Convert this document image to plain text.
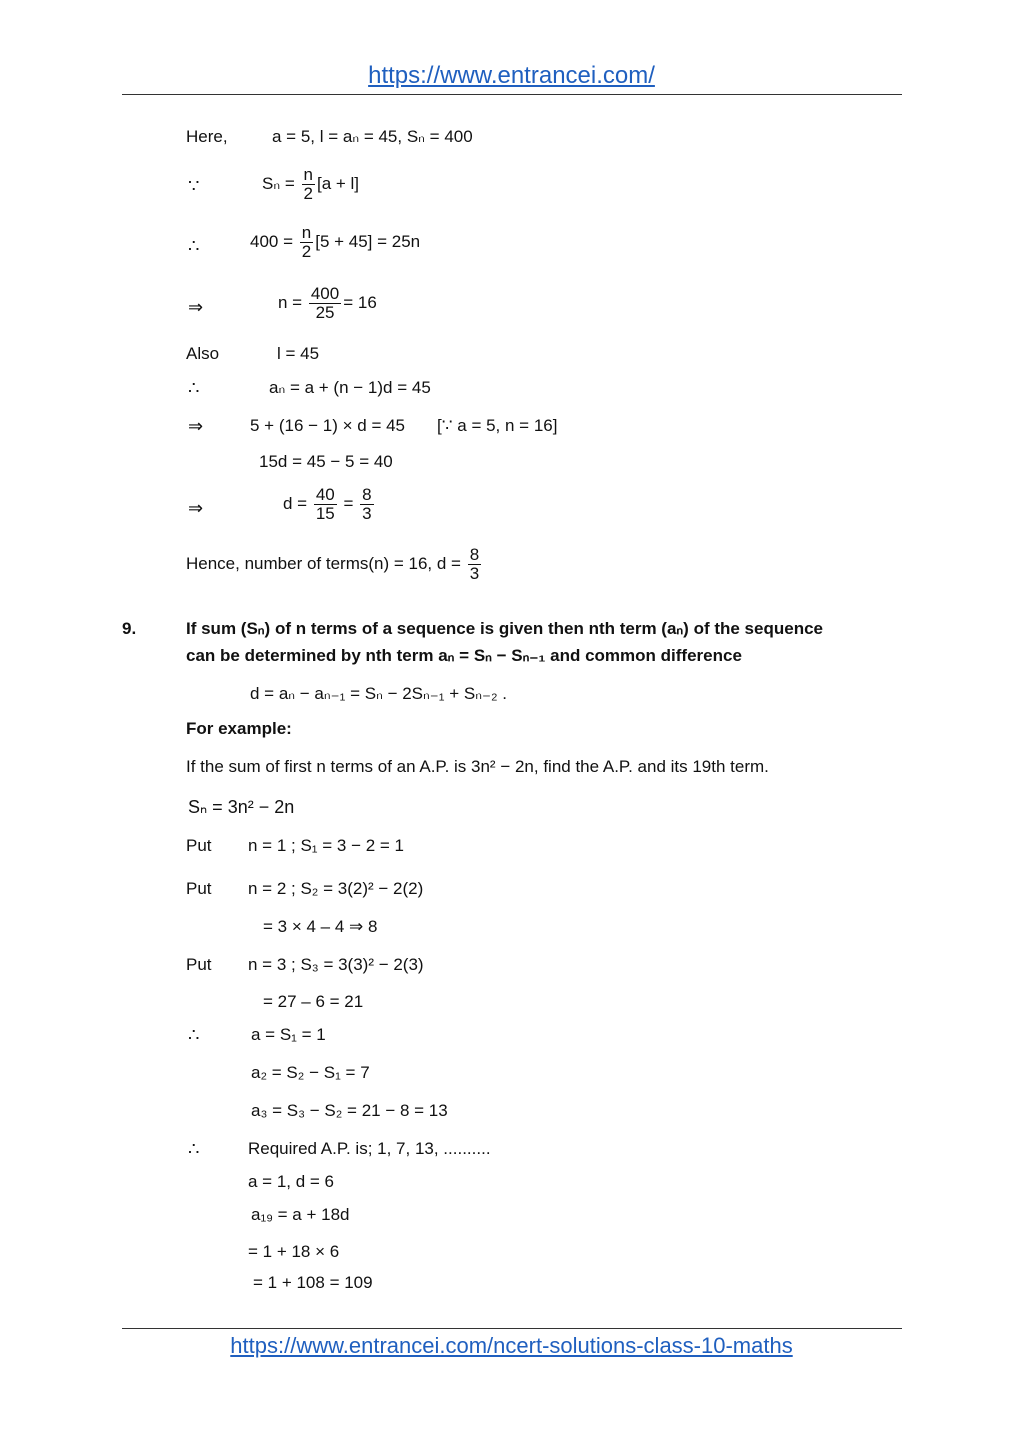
https://www.entrancei.com/
Here,	a = 5, l = aₙ = 45, Sₙ = 400
∵	$S_n = \frac{n}{2} [a + l]$
∴	$400 = \frac{n}{2} [5 + 45] = 25n$
⇒	$n = \frac{400}{25} = 16$
Also	l = 45
∴	aₙ = a + (n − 1)d = 45
⇒	5 + (16 − 1) × d = 45 [∵ a = 5, n = 16]
15d = 45 − 5 = 40
⇒	$d = \frac{40}{15} = \frac{8}{3}$
Hence, number of terms(n) = 16, $d = \frac{8}{3}$
9.	If sum (Sₙ) of n terms of a sequence is given then nth term (aₙ) of the sequence
can be determined by nth term aₙ = Sₙ − Sₙ₋₁ and common difference
d = aₙ − aₙ₋₁ = Sₙ − 2Sₙ₋₁ + Sₙ₋₂ .
For example:
If the sum of first n terms of an A.P. is 3n² − 2n, find the A.P. and its 19th term.
Sₙ = 3n² − 2n
Put n = 1 ; S₁ = 3 − 2 = 1
Put n = 2 ; S₂ = 3(2)² − 2(2)
= 3 × 4 – 4 ⇒ 8
Put n = 3 ; S₃ = 3(3)² − 2(3)
= 27 – 6 = 21
∴	a = S₁ = 1
a₂ = S₂ − S₁ = 7
a₃ = S₃ − S₂ = 21 − 8 = 13
∴	Required A.P. is; 1, 7, 13, ..........
a = 1, d = 6
a₁₉ = a + 18d
= 1 + 18 × 6
= 1 + 108 = 109
https://www.entrancei.com/ncert-solutions-class-10-maths
